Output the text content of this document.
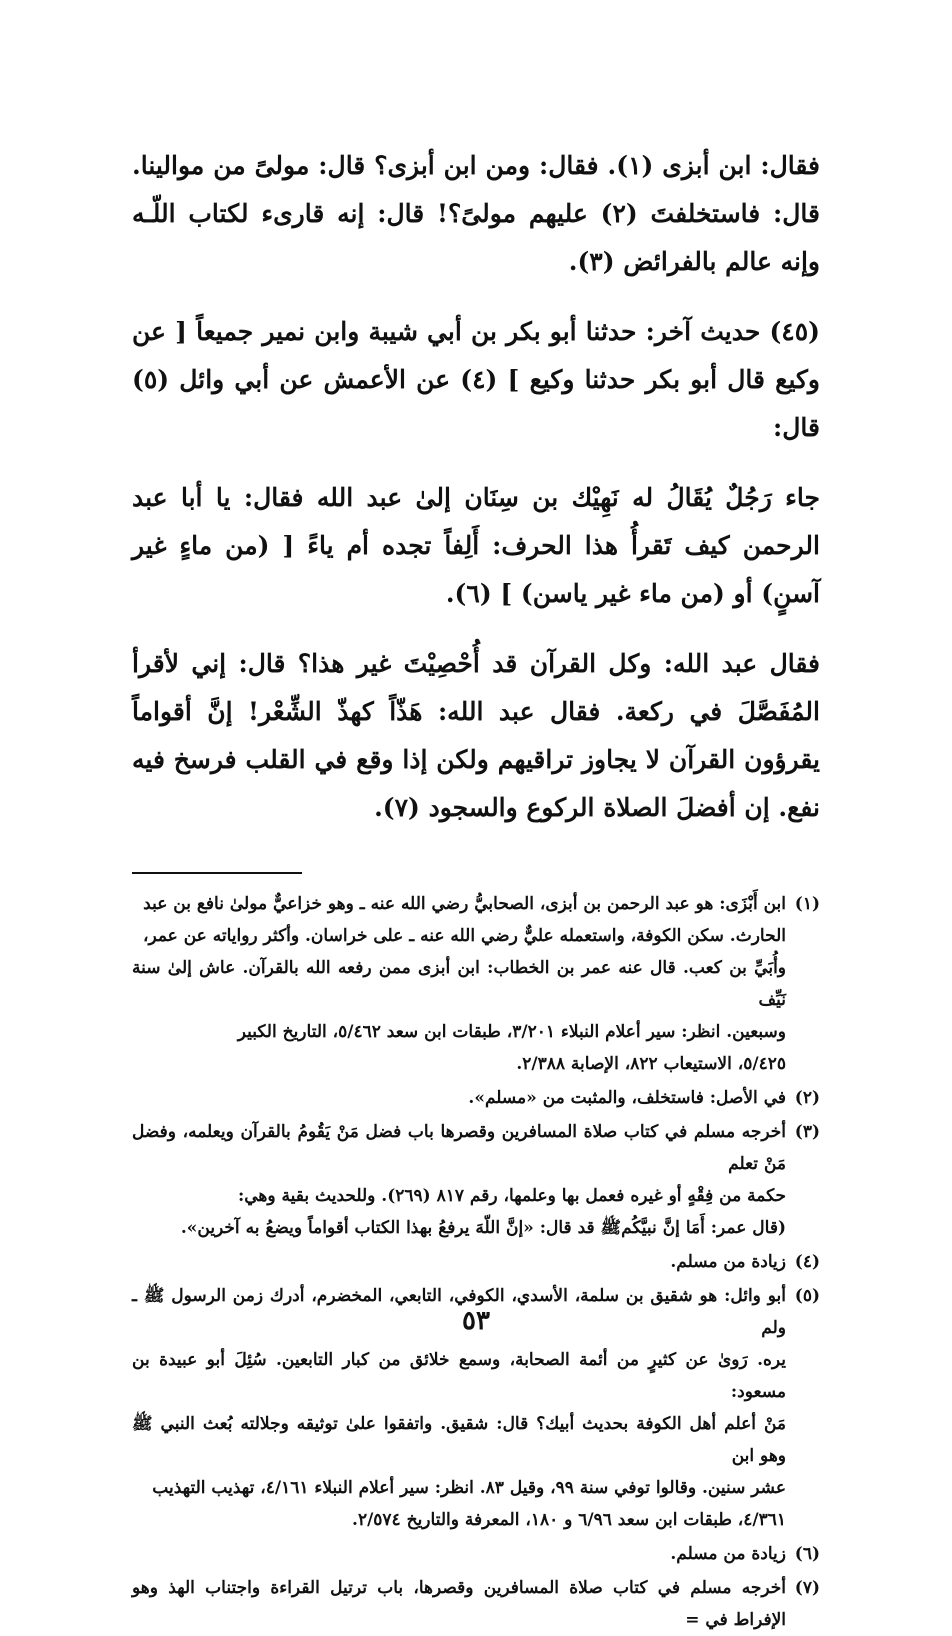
فقال: ابن أبزى (١). فقال: ومن ابن أبزى؟ قال: مولىً من موالينا. قال: فاستخلفتَ (٢) عليهم مولىً؟! قال: إنه قارىء لكتاب اللّـه وإنه عالم بالفرائض (٣).

(٤٥) حديث آخر: حدثنا أبو بكر بن أبي شيبة وابن نمير جميعاً [ عن وكيع قال أبو بكر حدثنا وكيع ] (٤) عن الأعمش عن أبي وائل (٥) قال:

جاء رَجُلٌ يُقَالُ له نَهِيْك بن سِنَان إلىٰ عبد الله فقال: يا أبا عبد الرحمن كيف تَقرأُ هذا الحرف: أَلِفاً تجده أم ياءً [ (من ماءٍ غير آسنٍ) أو (من ماء غير ياسن) ] (٦).

فقال عبد الله: وكل القرآن قد أُحْصِيْتَ غير هذا؟ قال: إني لأقرأ المُفَصَّلَ في ركعة. فقال عبد الله: هَذّاً كهذّ الشِّعْر! إنَّ أقواماً يقرؤون القرآن لا يجاوز تراقيهم ولكن إذا وقع في القلب فرسخ فيه نفع. إن أفضلَ الصلاة الركوع والسجود (٧).

(١)
ابن أَبْزَى: هو عبد الرحمن بن أبزى، الصحابيُّ رضي الله عنه ـ وهو خزاعيٌّ مولىٰ نافع بن عبد
الحارث. سكن الكوفة، واستعمله عليٌّ رضي الله عنه ـ على خراسان. وأكثر رواياته عن عمر،
وأُبَيِّ بن كعب. قال عنه عمر بن الخطاب: ابن أبزى ممن رفعه الله بالقرآن. عاش إلىٰ سنة نَيِّف
وسبعين. انظر: سير أعلام النبلاء ٣/٢٠١، طبقات ابن سعد ٥/٤٦٢، التاريخ الكبير
٥/٤٢٥، الاستيعاب ٨٢٢، الإصابة ٢/٣٨٨.
(٢)
في الأصل: فاستخلف، والمثبت من «مسلم».
(٣)
أخرجه مسلم في كتاب صلاة المسافرين وقصرها باب فضل مَنْ يَقُومُ بالقرآن ويعلمه، وفضل مَنْ تعلم
حكمة من فِقْهٍ أو غيره فعمل بها وعلمها، رقم ٨١٧ (٢٦٩). وللحديث بقية وهي:
(قال عمر: أَمَا إنَّ نبيَّكُمﷺ قد قال: «إنَّ اللّهَ يرفعُ بهذا الكتاب أقواماً ويضعُ به آخرين».
(٤)
زيادة من مسلم.
(٥)
أبو وائل: هو شقيق بن سلمة، الأسدي، الكوفي، التابعي، المخضرم، أدرك زمن الرسول ﷺ ـ ولم
يره. رَوىٰ عن كثيرٍ من أئمة الصحابة، وسمع خلائق من كبار التابعين. سُئِلَ أبو عبيدة بن مسعود:
مَنْ أعلم أهل الكوفة بحديث أبيك؟ قال: شقيق. واتفقوا علىٰ توثيقه وجلالته بُعث النبي ﷺ وهو ابن
عشر سنين. وقالوا توفي سنة ٩٩، وقيل ٨٣. انظر: سير أعلام النبلاء ٤/١٦١، تهذيب التهذيب
٤/٣٦١، طبقات ابن سعد ٦/٩٦ و ١٨٠، المعرفة والتاريخ ٢/٥٧٤.
(٦)
زيادة من مسلم.
(٧)
أخرجه مسلم في كتاب صلاة المسافرين وقصرها، باب ترتيل القراءة واجتناب الهذ وهو الإفراط في =
٥٣
